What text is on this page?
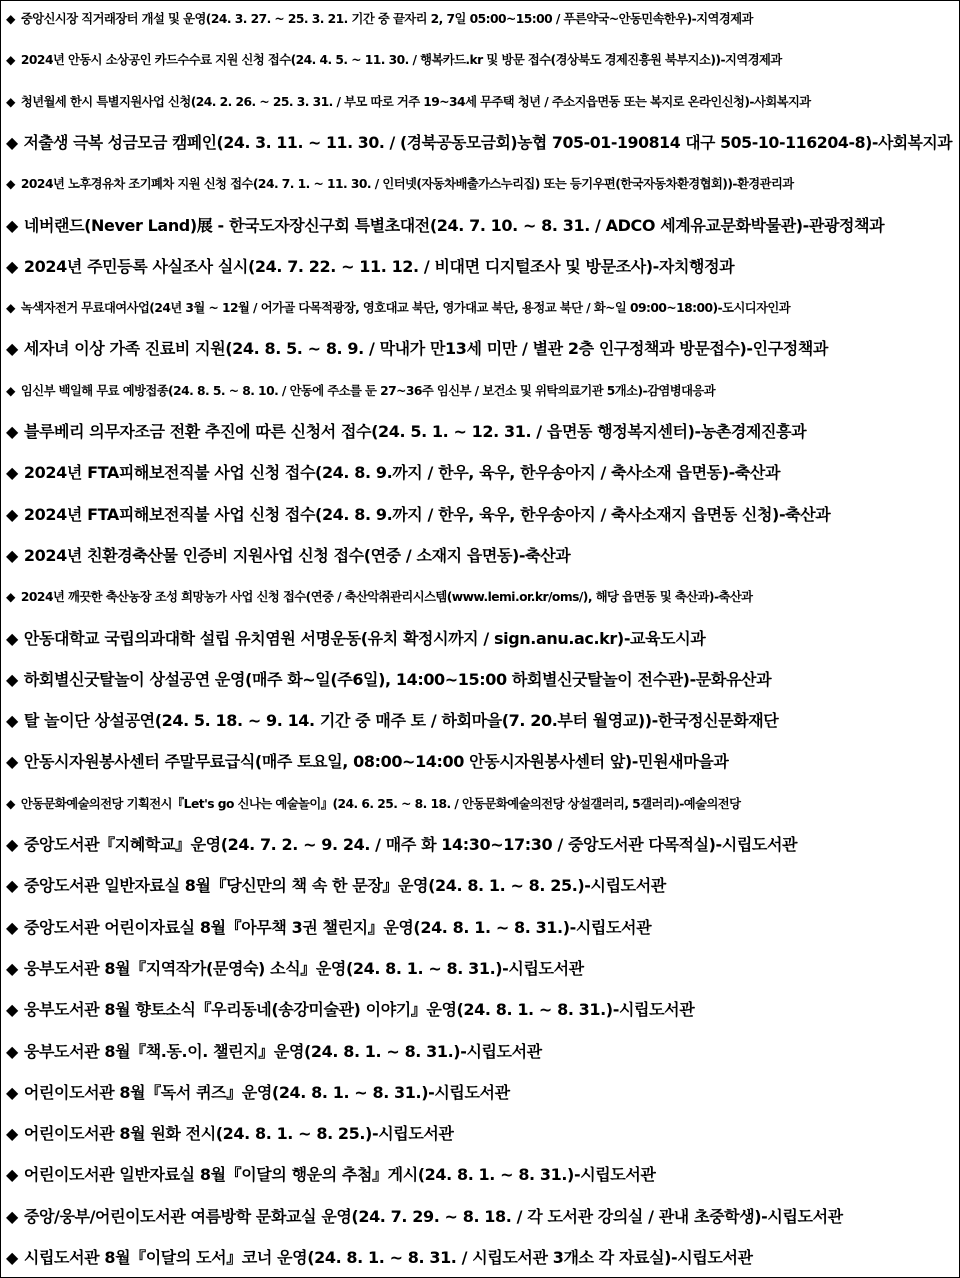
◆ 중앙신시장 직거래장터 개설 및 운영(24. 3. 27. ~ 25. 3. 21. 기간 중 끝자리 2, 7일 05:00~15:00 / 푸른약국~안동민속한우)-지역경제과
◆ 2024년 안동시 소상공인 카드수수료 지원 신청 접수(24. 4. 5. ~ 11. 30. / 행복카드.kr 및 방문 접수(경상북도 경제진흥원 북부지소))-지역경제과
◆ 청년월세 한시 특별지원사업 신청(24. 2. 26. ~ 25. 3. 31. / 부모 따로 거주 19~34세 무주택 청년 / 주소지읍면동 또는 복지로 온라인신청)-사회복지과
◆ 저출생 극복 성금모금 캠페인(24. 3. 11. ~ 11. 30. / (경북공동모금회)농협 705-01-190814 대구 505-10-116204-8)-사회복지과
◆ 2024년 노후경유차 조기폐차 지원 신청 접수(24. 7. 1. ~ 11. 30. / 인터넷(자동차배출가스누리집) 또는 등기우편(한국자동차환경협회))-환경관리과
◆ 네버랜드(Never Land)展 - 한국도자장신구회 특별초대전(24. 7. 10. ~ 8. 31. / ADCO 세계유교문화박물관)-관광정책과
◆ 2024년 주민등록 사실조사 실시(24. 7. 22. ~ 11. 12. / 비대면 디지털조사 및 방문조사)-자치행정과
◆ 녹색자전거 무료대여사업(24년 3월 ~ 12월 / 어가골 다목적광장, 영호대교 북단, 영가대교 북단, 용정교 북단 / 화~일 09:00~18:00)-도시디자인과
◆ 세자녀 이상 가족 진료비 지원(24. 8. 5. ~ 8. 9. / 막내가 만13세 미만 / 별관 2층 인구정책과 방문접수)-인구정책과
◆ 임신부 백일해 무료 예방접종(24. 8. 5. ~ 8. 10. / 안동에 주소를 둔 27~36주 임신부 / 보건소 및 위탁의료기관 5개소)-감염병대응과
◆ 블루베리 의무자조금 전환 추진에 따른 신청서 접수(24. 5. 1. ~ 12. 31. / 읍면동 행정복지센터)-농촌경제진흥과
◆ 2024년 FTA피해보전직불 사업 신청 접수(24. 8. 9.까지 / 한우, 육우, 한우송아지 / 축사소재 읍면동)-축산과
◆ 2024년 FTA피해보전직불 사업 신청 접수(24. 8. 9.까지 / 한우, 육우, 한우송아지 / 축사소재지 읍면동 신청)-축산과
◆ 2024년 친환경축산물 인증비 지원사업 신청 접수(연중 / 소재지 읍면동)-축산과
◆ 2024년 깨끗한 축산농장 조성 희망농가 사업 신청 접수(연중 / 축산악취관리시스템(www.lemi.or.kr/oms/), 해당 읍면동 및 축산과)-축산과
◆ 안동대학교 국립의과대학 설립 유치염원 서명운동(유치 확정시까지 / sign.anu.ac.kr)-교육도시과
◆ 하회별신굿탈놀이 상설공연 운영(매주 화~일(주6일), 14:00~15:00 하회별신굿탈놀이 전수관)-문화유산과
◆ 탈 놀이단 상설공연(24. 5. 18. ~ 9. 14. 기간 중 매주 토 / 하회마을(7. 20.부터 월영교))-한국정신문화재단
◆ 안동시자원봉사센터 주말무료급식(매주 토요일, 08:00~14:00 안동시자원봉사센터 앞)-민원새마을과
◆ 안동문화예술의전당 기획전시『Let's go 신나는 예술놀이』(24. 6. 25. ~ 8. 18. / 안동문화예술의전당 상설갤러리, 5갤러리)-예술의전당
◆ 중앙도서관『지혜학교』운영(24. 7. 2. ~ 9. 24. / 매주 화 14:30~17:30 / 중앙도서관 다목적실)-시립도서관
◆ 중앙도서관 일반자료실 8월『당신만의 책 속 한 문장』운영(24. 8. 1. ~ 8. 25.)-시립도서관
◆ 중앙도서관 어린이자료실 8월『아무책 3권 챌린지』운영(24. 8. 1. ~ 8. 31.)-시립도서관
◆ 웅부도서관 8월『지역작가(문영숙) 소식』운영(24. 8. 1. ~ 8. 31.)-시립도서관
◆ 웅부도서관 8월 향토소식『우리동네(송강미술관) 이야기』운영(24. 8. 1. ~ 8. 31.)-시립도서관
◆ 웅부도서관 8월『책.동.이. 챌린지』운영(24. 8. 1. ~ 8. 31.)-시립도서관
◆ 어린이도서관 8월『독서 퀴즈』운영(24. 8. 1. ~ 8. 31.)-시립도서관
◆ 어린이도서관 8월 원화 전시(24. 8. 1. ~ 8. 25.)-시립도서관
◆ 어린이도서관 일반자료실 8월『이달의 행운의 추첨』게시(24. 8. 1. ~ 8. 31.)-시립도서관
◆ 중앙/웅부/어린이도서관 여름방학 문화교실 운영(24. 7. 29. ~ 8. 18. / 각 도서관 강의실 / 관내 초중학생)-시립도서관
◆ 시립도서관 8월『이달의 도서』코너 운영(24. 8. 1. ~ 8. 31. / 시립도서관 3개소 각 자료실)-시립도서관
